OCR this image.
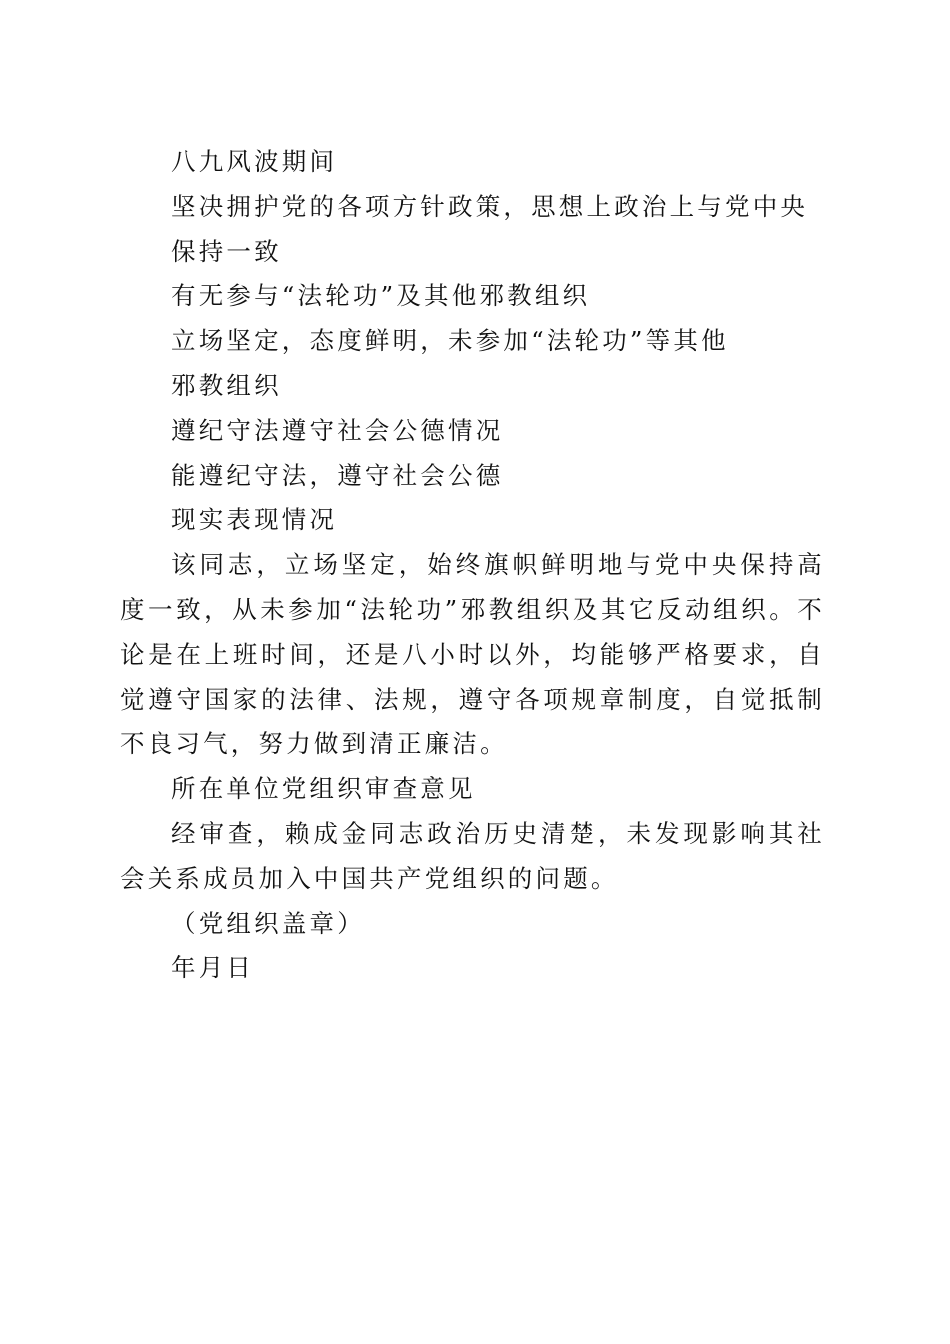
八九风波期间

坚决拥护党的各项方针政策，思想上政治上与党中央

保持一致

有无参与“法轮功”及其他邪教组织

立场坚定，态度鲜明，未参加“法轮功”等其他

邪教组织

遵纪守法遵守社会公德情况

能遵纪守法，遵守社会公德

现实表现情况

该同志，立场坚定，始终旗帜鲜明地与党中央保持高度一致，从未参加“法轮功”邪教组织及其它反动组织。不论是在上班时间，还是八小时以外，均能够严格要求，自觉遵守国家的法律、法规，遵守各项规章制度，自觉抵制不良习气，努力做到清正廉洁。

所在单位党组织审查意见

经审查，赖成金同志政治历史清楚，未发现影响其社会关系成员加入中国共产党组织的问题。

（党组织盖章）

年月日
